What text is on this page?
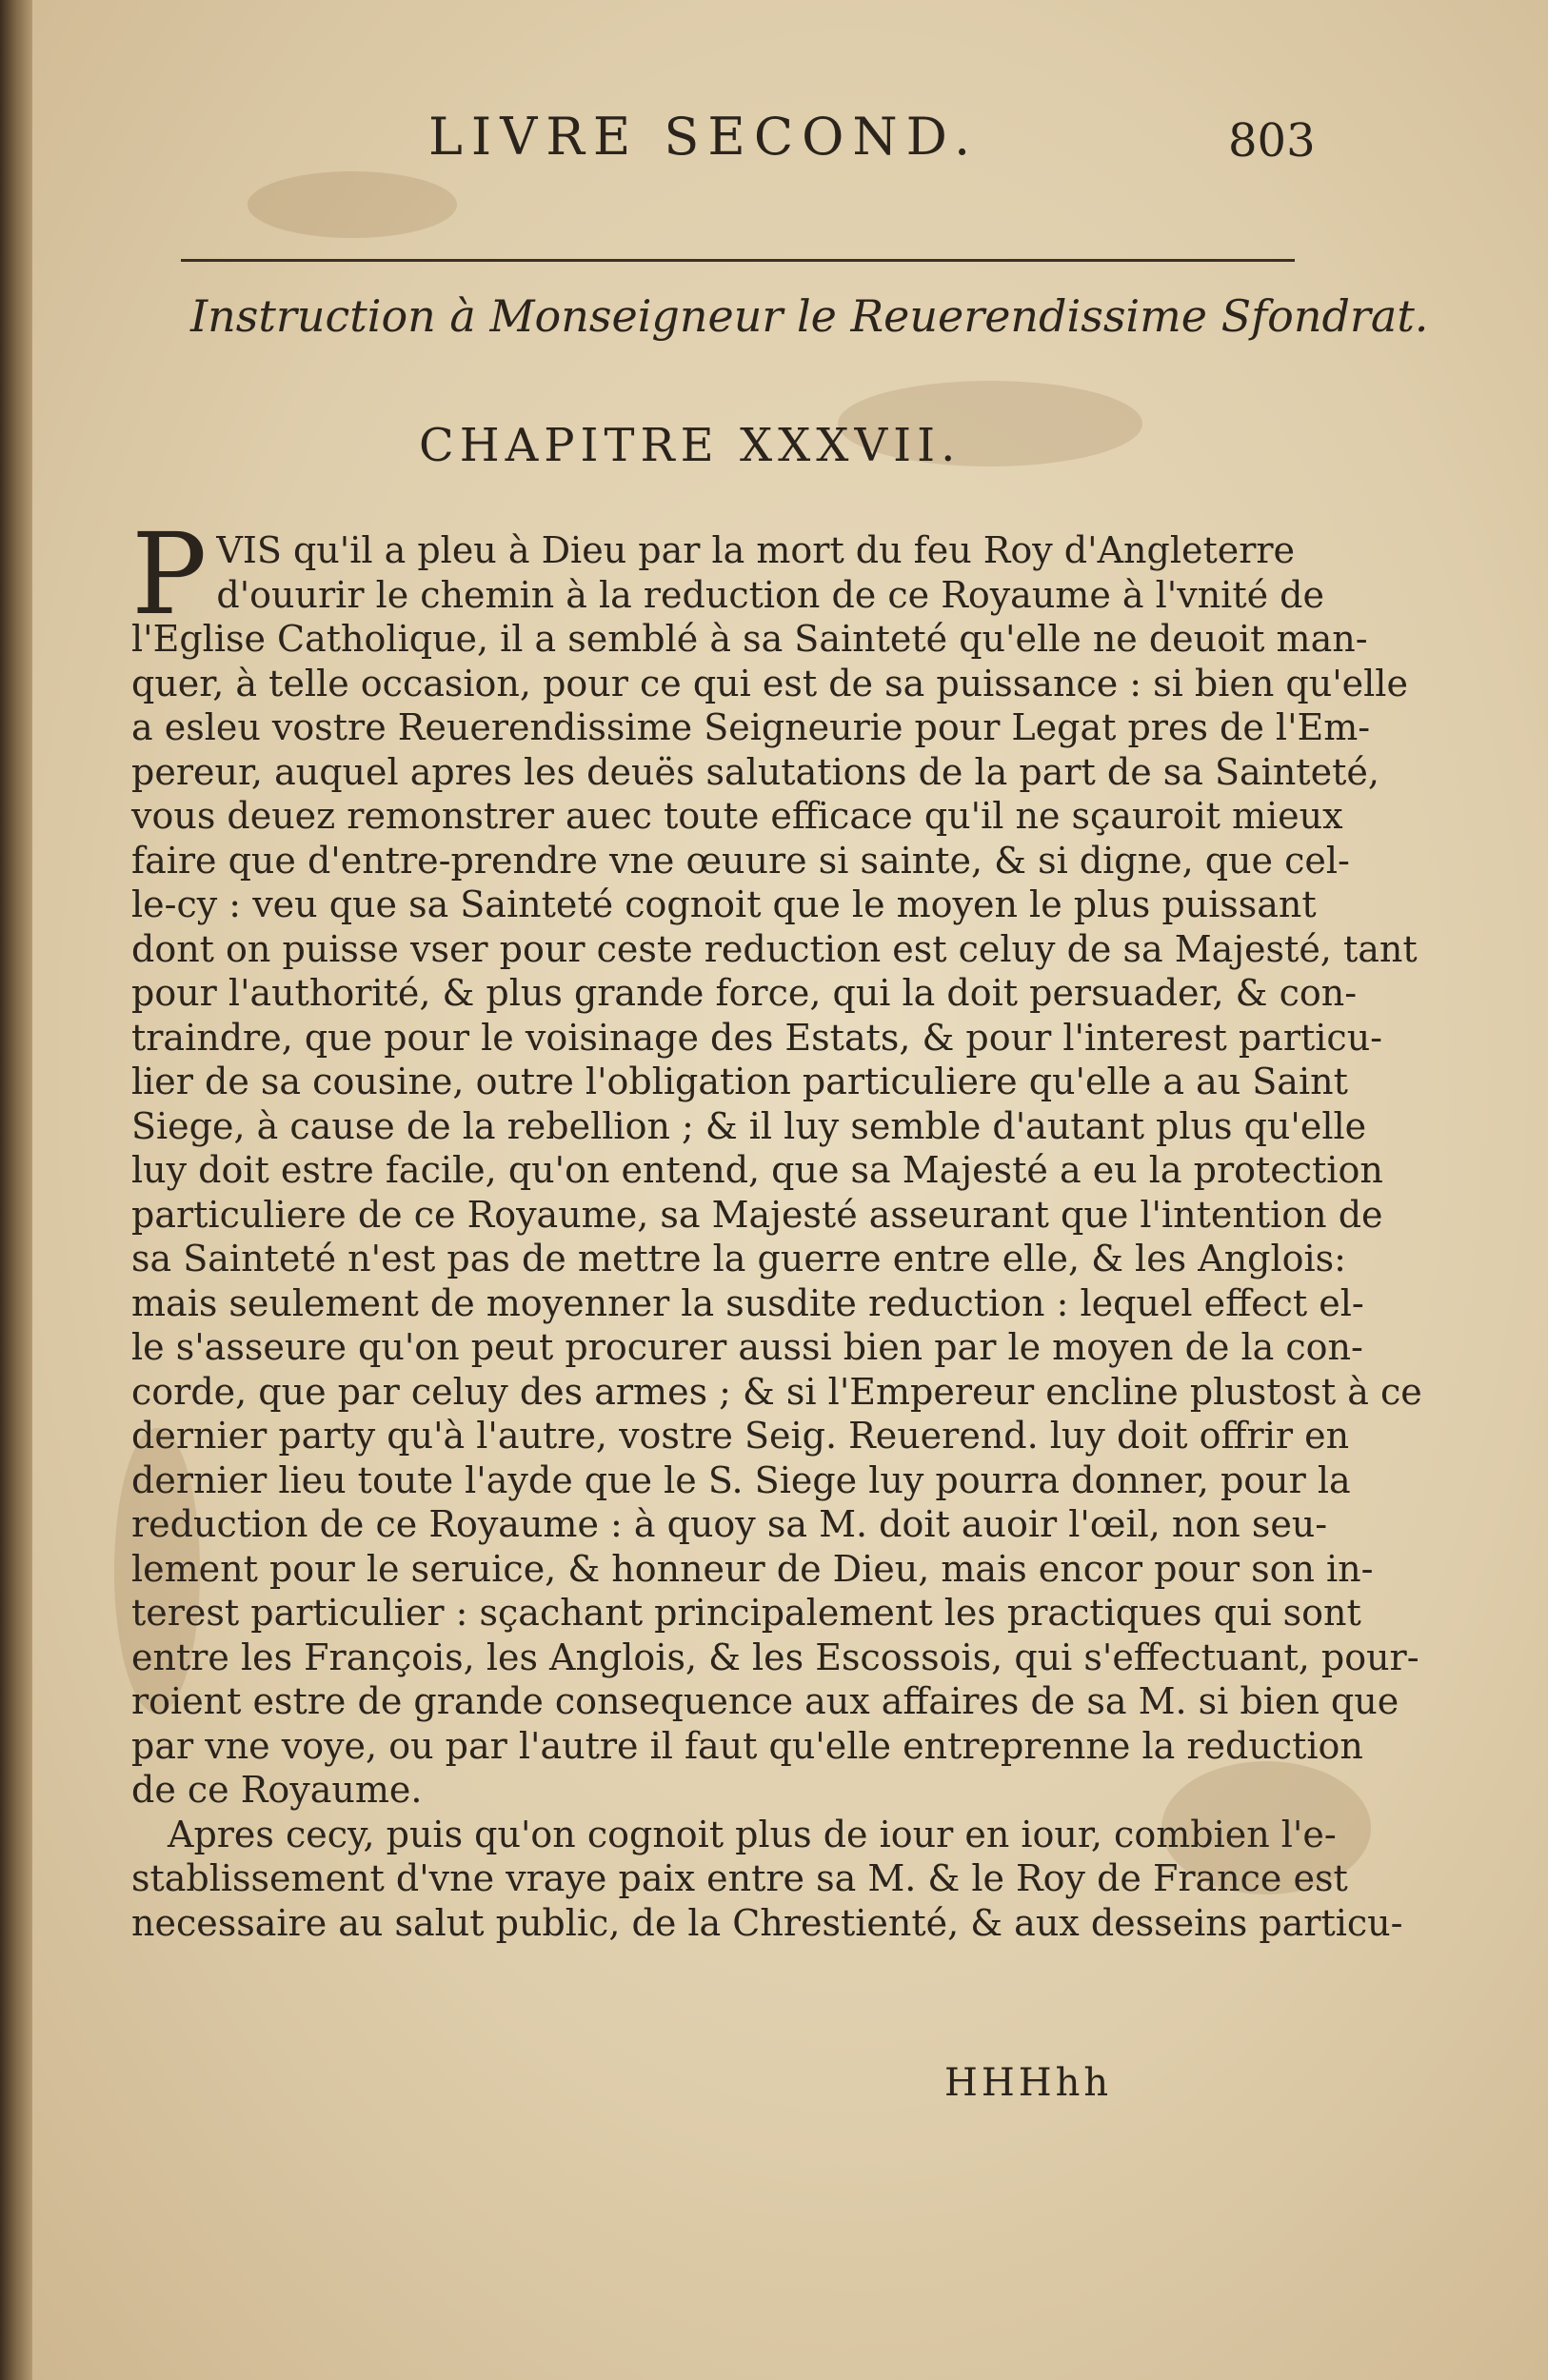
LIVRE SECOND.	803
Instruction à Monseigneur le Reuerendissime Sfondrat.
CHAPITRE XXXVII.
P VIS qu'il a pleu à Dieu par la mort du feu Roy d'Angleterre
d'ouurir le chemin à la reduction de ce Royaume à l'vnité de
l'Eglise Catholique, il a semblé à sa Sainteté qu'elle ne deuoit man-
quer, à telle occasion, pour ce qui est de sa puissance : si bien qu'elle
a esleu vostre Reuerendissime Seigneurie pour Legat pres de l'Em-
pereur, auquel apres les deuës salutations de la part de sa Sainteté,
vous deuez remonstrer auec toute efficace qu'il ne sçauroit mieux
faire que d'entre-prendre vne œuure si sainte, & si digne, que cel-
le-cy : veu que sa Sainteté cognoit que le moyen le plus puissant
dont on puisse vser pour ceste reduction est celuy de sa Majesté, tant
pour l'authorité, & plus grande force, qui la doit persuader, & con-
traindre, que pour le voisinage des Estats, & pour l'interest particu-
lier de sa cousine, outre l'obligation particuliere qu'elle a au Saint
Siege, à cause de la rebellion ; & il luy semble d'autant plus qu'elle
luy doit estre facile, qu'on entend, que sa Majesté a eu la protection
particuliere de ce Royaume, sa Majesté asseurant que l'intention de
sa Sainteté n'est pas de mettre la guerre entre elle, & les Anglois:
mais seulement de moyenner la susdite reduction : lequel effect el-
le s'asseure qu'on peut procurer aussi bien par le moyen de la con-
corde, que par celuy des armes ; & si l'Empereur encline plustost à ce
dernier party qu'à l'autre, vostre Seig. Reuerend. luy doit offrir en
dernier lieu toute l'ayde que le S. Siege luy pourra donner, pour la
reduction de ce Royaume : à quoy sa M. doit auoir l'œil, non seu-
lement pour le seruice, & honneur de Dieu, mais encor pour son in-
terest particulier : sçachant principalement les practiques qui sont
entre les François, les Anglois, & les Escossois, qui s'effectuant, pour-
roient estre de grande consequence aux affaires de sa M. si bien que
par vne voye, ou par l'autre il faut qu'elle entreprenne la reduction
de ce Royaume.
Apres cecy, puis qu'on cognoit plus de iour en iour, combien l'e-
stablissement d'vne vraye paix entre sa M. & le Roy de France est
necessaire au salut public, de la Chrestienté, & aux desseins particu-
HHHhh
